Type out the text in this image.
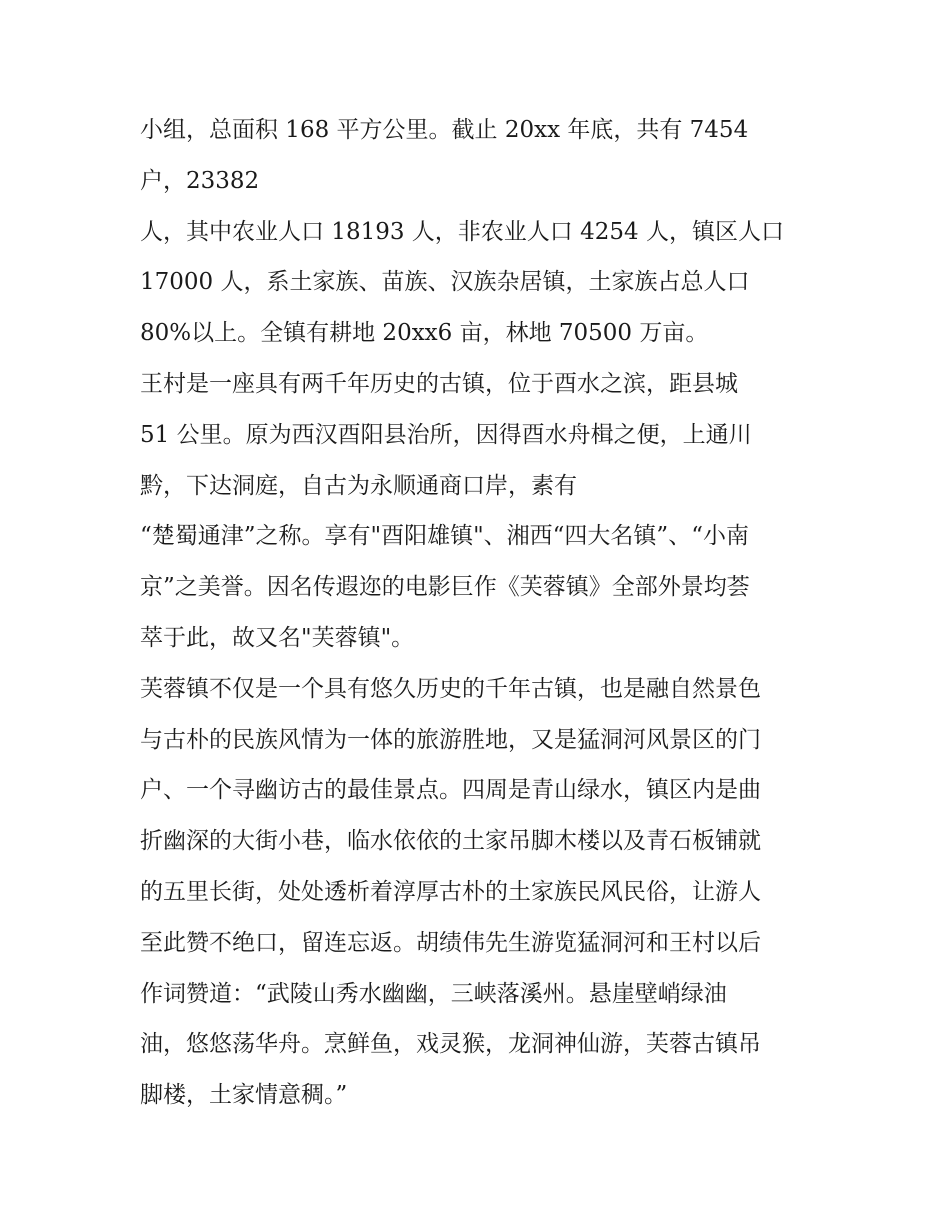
小组，总面积 168 平方公里。截止 20xx 年底，共有 7454
户，23382
人，其中农业人口 18193 人，非农业人口 4254 人，镇区人口
17000 人，系土家族、苗族、汉族杂居镇，土家族占总人口
80%以上。全镇有耕地 20xx6 亩，林地 70500 万亩。
王村是一座具有两千年历史的古镇，位于酉水之滨，距县城
51 公里。原为西汉酉阳县治所，因得酉水舟楫之便，上通川
黔，下达洞庭，自古为永顺通商口岸，素有
“楚蜀通津”之称。享有"酉阳雄镇"、湘西“四大名镇”、“小南
京”之美誉。因名传遐迩的电影巨作《芙蓉镇》全部外景均荟
萃于此，故又名"芙蓉镇"。
芙蓉镇不仅是一个具有悠久历史的千年古镇，也是融自然景色
与古朴的民族风情为一体的旅游胜地，又是猛洞河风景区的门
户、一个寻幽访古的最佳景点。四周是青山绿水，镇区内是曲
折幽深的大街小巷，临水依依的土家吊脚木楼以及青石板铺就
的五里长街，处处透析着淳厚古朴的土家族民风民俗，让游人
至此赞不绝口，留连忘返。胡绩伟先生游览猛洞河和王村以后
作词赞道：“武陵山秀水幽幽，三峡落溪州。悬崖壁峭绿油
油，悠悠荡华舟。烹鲜鱼，戏灵猴，龙洞神仙游，芙蓉古镇吊
脚楼，土家情意稠。”
